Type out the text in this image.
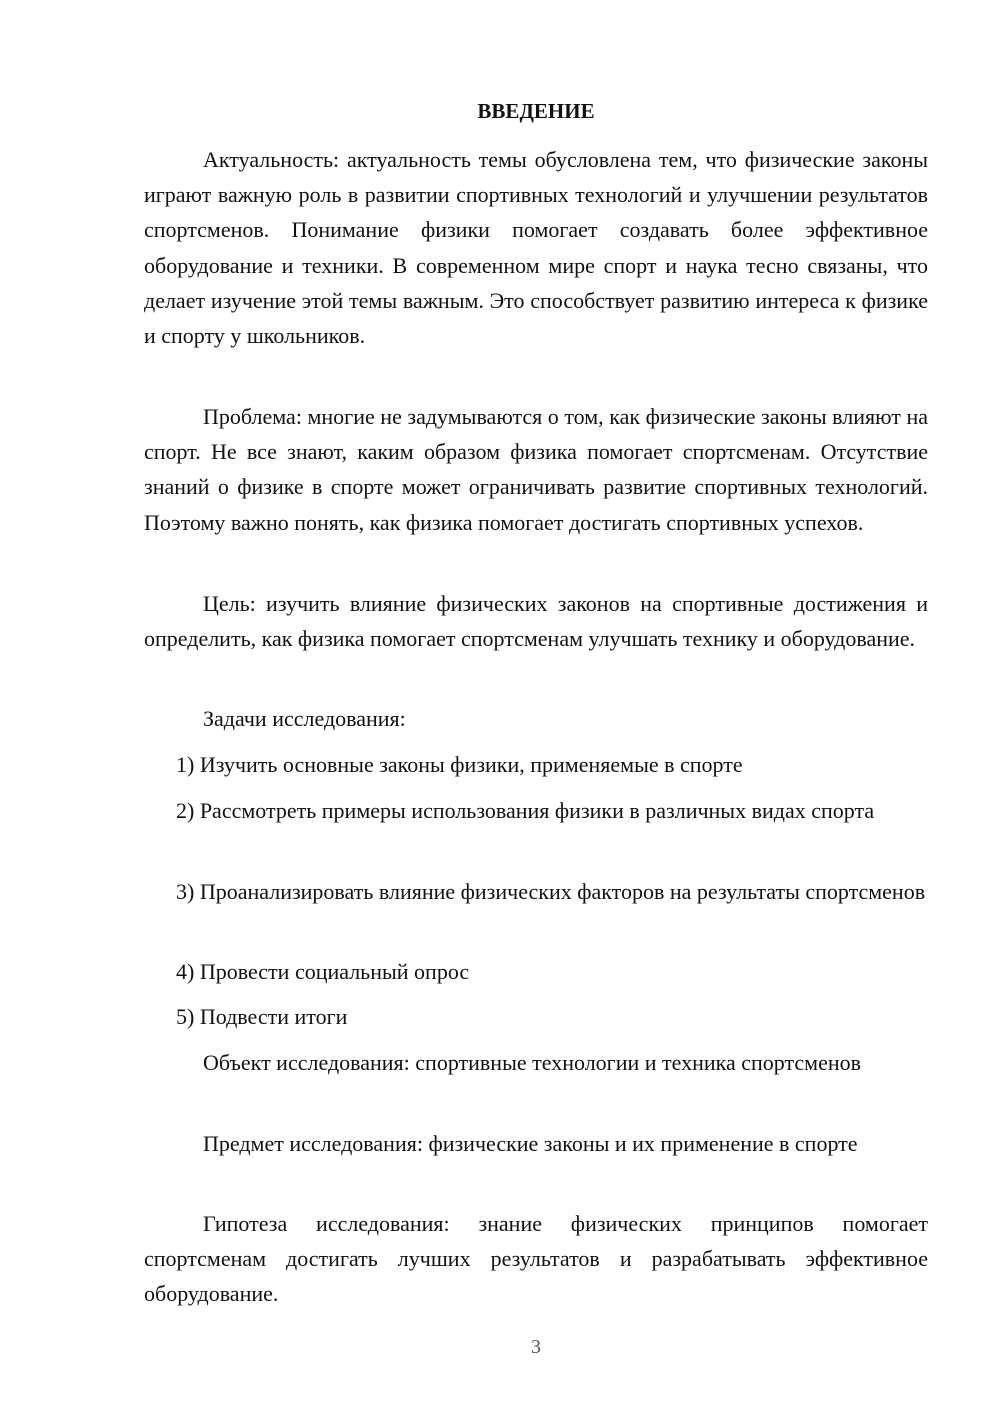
ВВЕДЕНИЕ

Актуальность: актуальность темы обусловлена тем, что физические законы играют важную роль в развитии спортивных технологий и улучшении результатов спортсменов. Понимание физики помогает создавать более эффективное оборудование и техники. В современном мире спорт и наука тесно связаны, что делает изучение этой темы важным. Это способствует развитию интереса к физике и спорту у школьников.

Проблема: многие не задумываются о том, как физические законы влияют на спорт. Не все знают, каким образом физика помогает спортсменам. Отсутствие знаний о физике в спорте может ограничивать развитие спортивных технологий. Поэтому важно понять, как физика помогает достигать спортивных успехов.

Цель: изучить влияние физических законов на спортивные достижения и определить, как физика помогает спортсменам улучшать технику и оборудование.

Задачи исследования:

1) Изучить основные законы физики, применяемые в спорте

2) Рассмотреть примеры использования физики в различных видах спорта

3) Проанализировать влияние физических факторов на результаты спортсменов

4) Провести социальный опрос

5) Подвести итоги

Объект исследования: спортивные технологии и техника спортсменов

Предмет исследования: физические законы и их применение в спорте

Гипотеза исследования: знание физических принципов помогает спортсменам достигать лучших результатов и разрабатывать эффективное оборудование.

3
